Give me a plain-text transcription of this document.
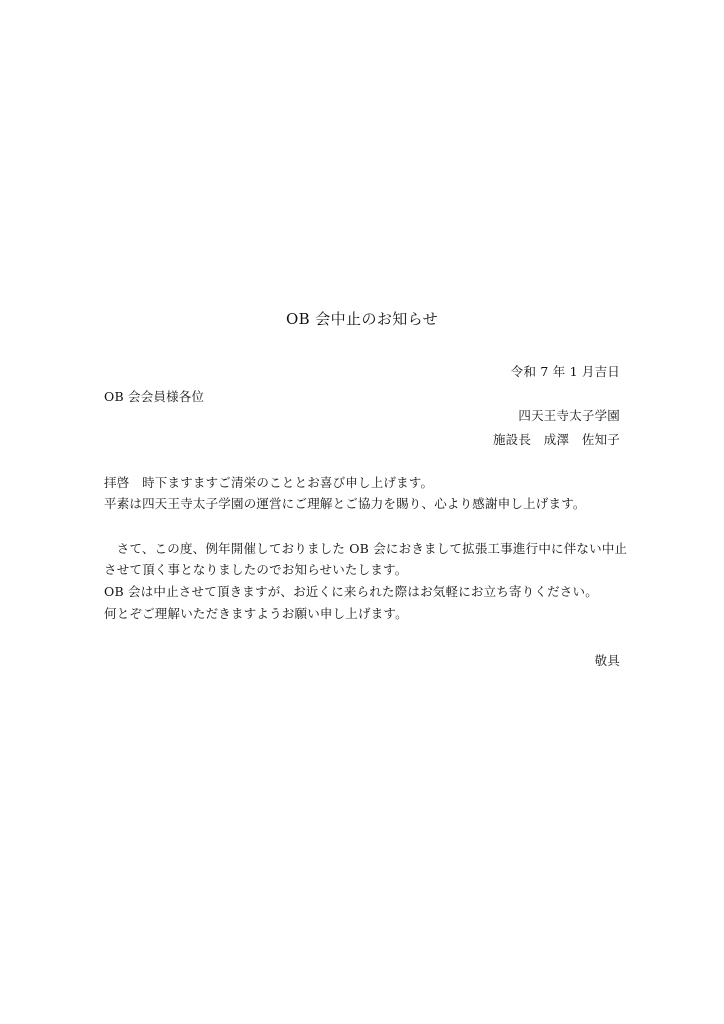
OB 会中止のお知らせ
令和 7 年 1 月吉日
OB 会会員様各位
四天王寺太子学園
施設長　成澤　佐知子
拝啓　時下ますますご清栄のこととお喜び申し上げます。
平素は四天王寺太子学園の運営にご理解とご協力を賜り、心より感謝申し上げます。
　さて、この度、例年開催しておりました OB 会におきまして拡張工事進行中に伴ない中止
させて頂く事となりましたのでお知らせいたします。
OB 会は中止させて頂きますが、お近くに来られた際はお気軽にお立ち寄りください。
何とぞご理解いただきますようお願い申し上げます。
敬具
